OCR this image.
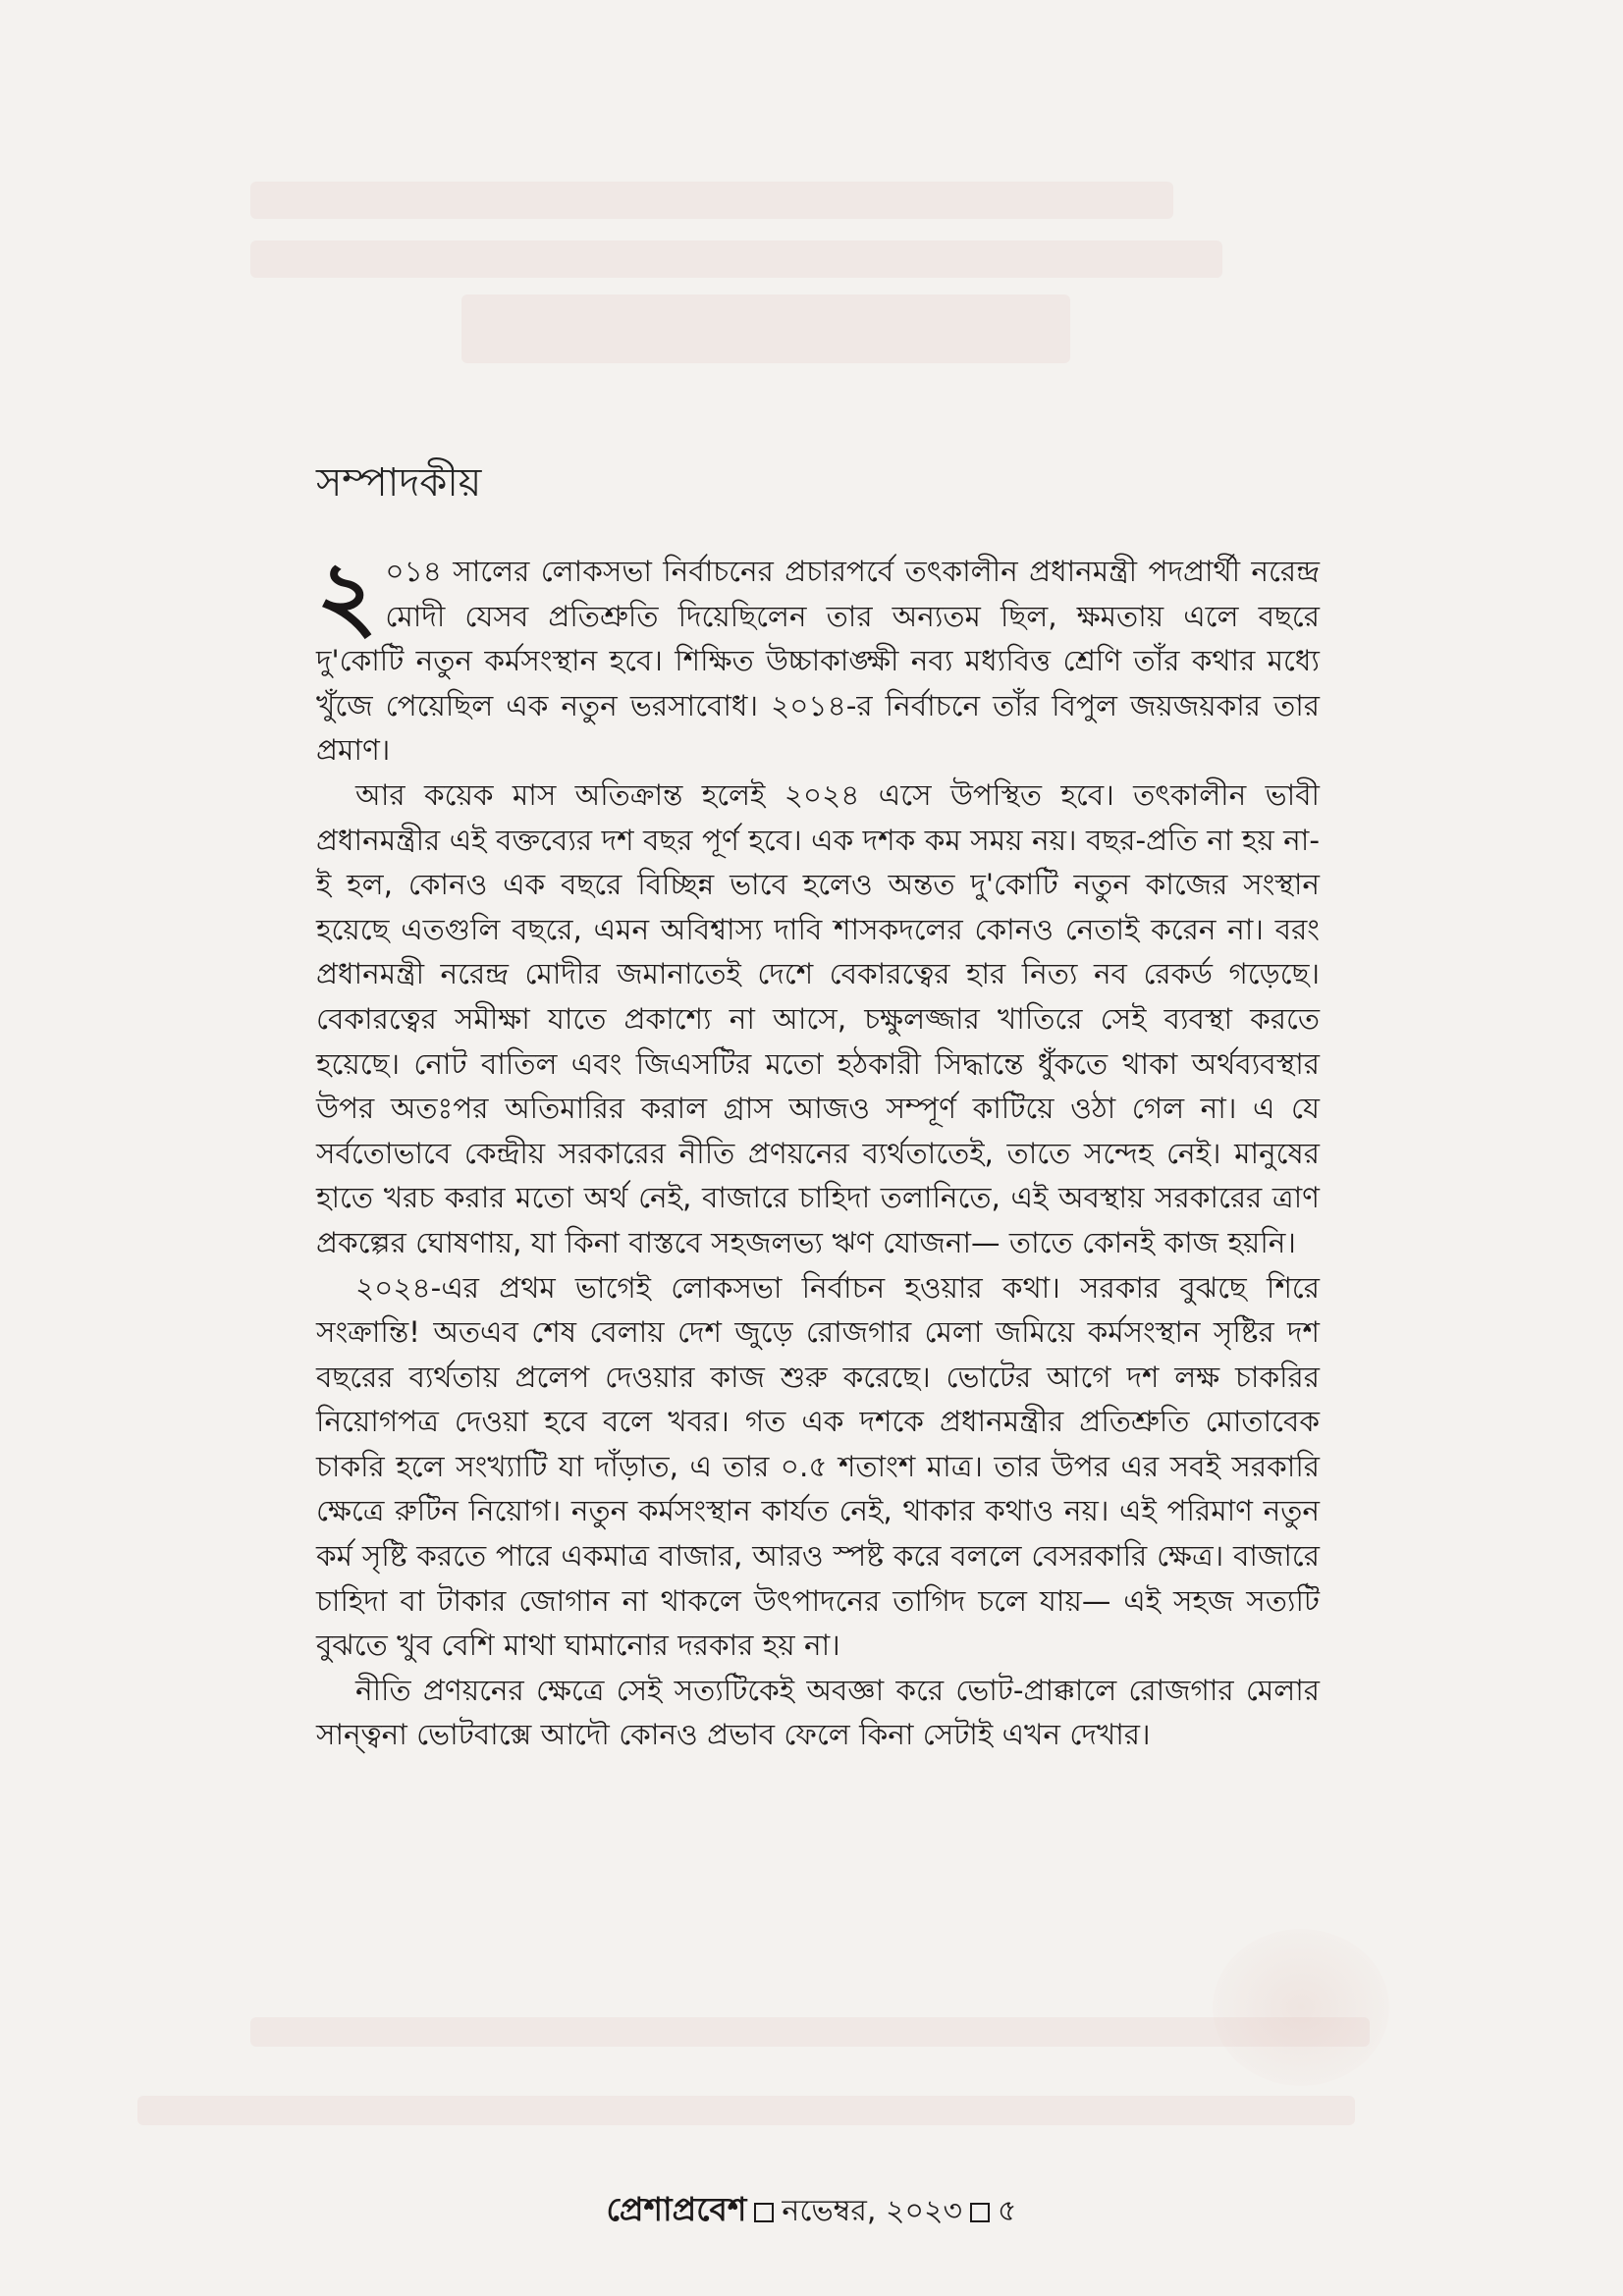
সম্পাদকীয়

২ ০১৪ সালের লোকসভা নির্বাচনের প্রচারপর্বে তৎকালীন প্রধানমন্ত্রী পদপ্রার্থী নরেন্দ্র মোদী যেসব প্রতিশ্রুতি দিয়েছিলেন তার অন্যতম ছিল, ক্ষমতায় এলে বছরে দু'কোটি নতুন কর্মসংস্থান হবে। শিক্ষিত উচ্চাকাঙ্ক্ষী নব্য মধ্যবিত্ত শ্রেণি তাঁর কথার মধ্যে খুঁজে পেয়েছিল এক নতুন ভরসাবোধ। ২০১৪-র নির্বাচনে তাঁর বিপুল জয়জয়কার তার প্রমাণ।

আর কয়েক মাস অতিক্রান্ত হলেই ২০২৪ এসে উপস্থিত হবে। তৎকালীন ভাবী প্রধানমন্ত্রীর এই বক্তব্যের দশ বছর পূর্ণ হবে। এক দশক কম সময় নয়। বছর-প্রতি না হয় না-ই হল, কোনও এক বছরে বিচ্ছিন্ন ভাবে হলেও অন্তত দু'কোটি নতুন কাজের সংস্থান হয়েছে এতগুলি বছরে, এমন অবিশ্বাস্য দাবি শাসকদলের কোনও নেতাই করেন না। বরং প্রধানমন্ত্রী নরেন্দ্র মোদীর জমানাতেই দেশে বেকারত্বের হার নিত্য নব রেকর্ড গড়েছে। বেকারত্বের সমীক্ষা যাতে প্রকাশ্যে না আসে, চক্ষুলজ্জার খাতিরে সেই ব্যবস্থা করতে হয়েছে। নোট বাতিল এবং জিএসটির মতো হঠকারী সিদ্ধান্তে ধুঁকতে থাকা অর্থব্যবস্থার উপর অতঃপর অতিমারির করাল গ্রাস আজও সম্পূর্ণ কাটিয়ে ওঠা গেল না। এ যে সর্বতোভাবে কেন্দ্রীয় সরকারের নীতি প্রণয়নের ব্যর্থতাতেই, তাতে সন্দেহ নেই। মানুষের হাতে খরচ করার মতো অর্থ নেই, বাজারে চাহিদা তলানিতে, এই অবস্থায় সরকারের ত্রাণ প্রকল্পের ঘোষণায়, যা কিনা বাস্তবে সহজলভ্য ঋণ যোজনা— তাতে কোনই কাজ হয়নি।

২০২৪-এর প্রথম ভাগেই লোকসভা নির্বাচন হওয়ার কথা। সরকার বুঝছে শিরে সংক্রান্তি! অতএব শেষ বেলায় দেশ জুড়ে রোজগার মেলা জমিয়ে কর্মসংস্থান সৃষ্টির দশ বছরের ব্যর্থতায় প্রলেপ দেওয়ার কাজ শুরু করেছে। ভোটের আগে দশ লক্ষ চাকরির নিয়োগপত্র দেওয়া হবে বলে খবর। গত এক দশকে প্রধানমন্ত্রীর প্রতিশ্রুতি মোতাবেক চাকরি হলে সংখ্যাটি যা দাঁড়াত, এ তার ০.৫ শতাংশ মাত্র। তার উপর এর সবই সরকারি ক্ষেত্রে রুটিন নিয়োগ। নতুন কর্মসংস্থান কার্যত নেই, থাকার কথাও নয়। এই পরিমাণ নতুন কর্ম সৃষ্টি করতে পারে একমাত্র বাজার, আরও স্পষ্ট করে বললে বেসরকারি ক্ষেত্র। বাজারে চাহিদা বা টাকার জোগান না থাকলে উৎপাদনের তাগিদ চলে যায়— এই সহজ সত্যটি বুঝতে খুব বেশি মাথা ঘামানোর দরকার হয় না।

নীতি প্রণয়নের ক্ষেত্রে সেই সত্যটিকেই অবজ্ঞা করে ভোট-প্রাক্কালে রোজগার মেলার সান্ত্বনা ভোটবাক্সে আদৌ কোনও প্রভাব ফেলে কিনা সেটাই এখন দেখার।

প্রেশাপ্রবেশ নভেম্বর, ২০২৩ ৫
